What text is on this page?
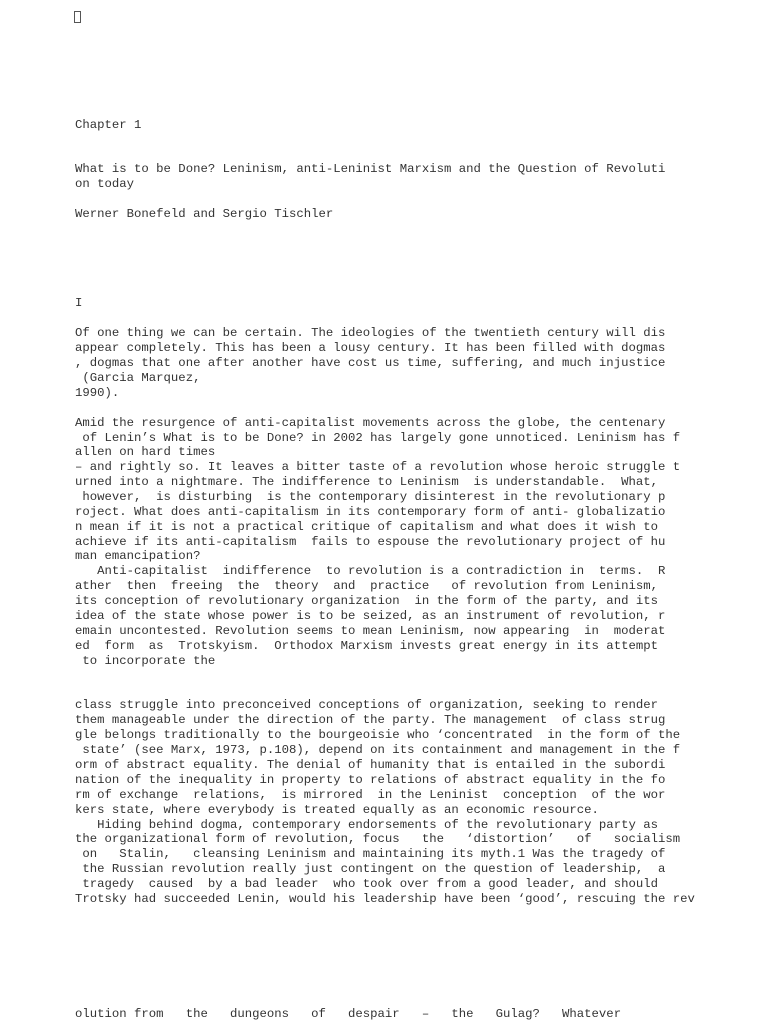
Chapter 1
What is to be Done? Leninism, anti-Leninist Marxism and the Question of Revoluti
on today
Werner Bonefeld and Sergio Tischler
I
Of one thing we can be certain. The ideologies of the twentieth century will dis
appear completely. This has been a lousy century. It has been filled with dogmas
, dogmas that one after another have cost us time, suffering, and much injustice
(Garcia Marquez,
1990).
Amid the resurgence of anti-capitalist movements across the globe, the centenary
of Lenin’s What is to be Done? in 2002 has largely gone unnoticed. Leninism has f
allen on hard times
– and rightly so. It leaves a bitter taste of a revolution whose heroic struggle t
urned into a nightmare. The indifference to Leninism  is understandable.  What,
however,  is disturbing  is the contemporary disinterest in the revolutionary p
roject. What does anti-capitalism in its contemporary form of anti- globalizatio
n mean if it is not a practical critique of capitalism and what does it wish to
achieve if its anti-capitalism  fails to espouse the revolutionary project of hu
man emancipation?
Anti-capitalist  indifference  to revolution is a contradiction in  terms.  R
ather  then  freeing  the  theory  and  practice   of revolution from Leninism,
its conception of revolutionary organization  in the form of the party, and its
idea of the state whose power is to be seized, as an instrument of revolution, r
emain uncontested. Revolution seems to mean Leninism, now appearing  in  moderat
ed  form  as  Trotskyism.  Orthodox Marxism invests great energy in its attempt
to incorporate the
class struggle into preconceived conceptions of organization, seeking to render
them manageable under the direction of the party. The management  of class strug
gle belongs traditionally to the bourgeoisie who ‘concentrated  in the form of the
state’ (see Marx, 1973, p.108), depend on its containment and management in the f
orm of abstract equality. The denial of humanity that is entailed in the subordi
nation of the inequality in property to relations of abstract equality in the fo
rm of exchange  relations,  is mirrored  in the Leninist  conception  of the wor
kers state, where everybody is treated equally as an economic resource.
Hiding behind dogma, contemporary endorsements of the revolutionary party as
the organizational form of revolution, focus   the   ‘distortion’   of   socialism
on   Stalin,   cleansing Leninism and maintaining its myth.1 Was the tragedy of
the Russian revolution really just contingent on the question of leadership,  a
tragedy  caused  by a bad leader  who took over from a good leader, and should
Trotsky had succeeded Lenin, would his leadership have been ‘good’, rescuing the rev
olution from   the   dungeons   of   despair   –   the   Gulag?   Whatever
